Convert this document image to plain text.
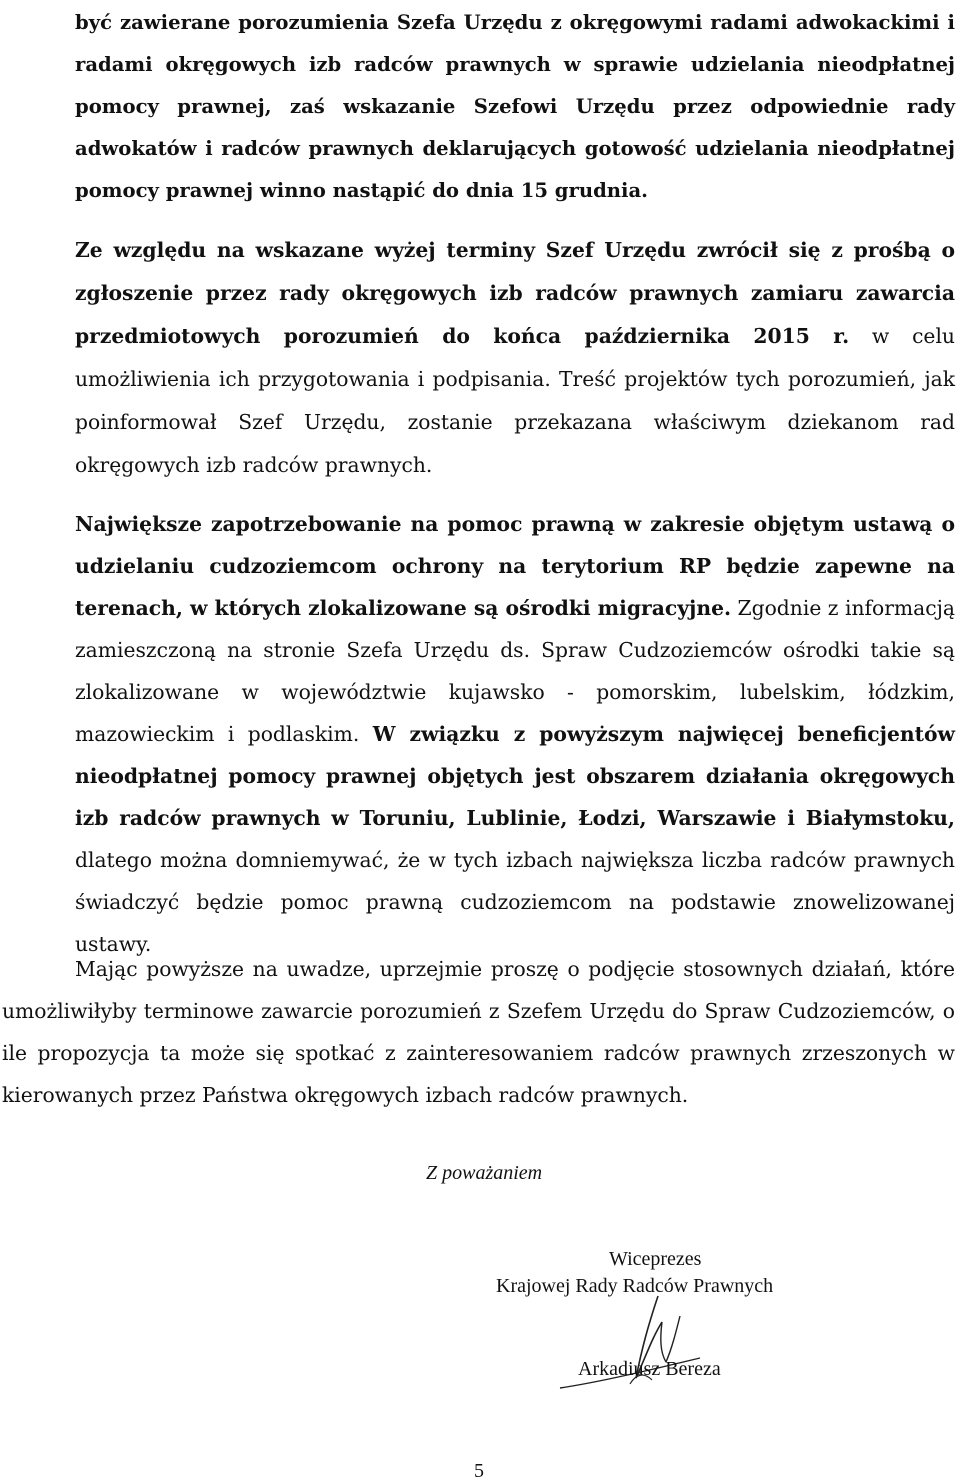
być zawierane porozumienia Szefa Urzędu z okręgowymi radami adwokackimi i radami okręgowych izb radców prawnych w sprawie udzielania nieodpłatnej pomocy prawnej, zaś wskazanie Szefowi Urzędu przez odpowiednie rady adwokatów i radców prawnych deklarujących gotowość udzielania nieodpłatnej pomocy prawnej winno nastąpić do dnia 15 grudnia.

Ze względu na wskazane wyżej terminy Szef Urzędu zwrócił się z prośbą o zgłoszenie przez rady okręgowych izb radców prawnych zamiaru zawarcia przedmiotowych porozumień do końca października 2015 r. w celu umożliwienia ich przygotowania i podpisania. Treść projektów tych porozumień, jak poinformował Szef Urzędu, zostanie przekazana właściwym dziekanom rad okręgowych izb radców prawnych.

Największe zapotrzebowanie na pomoc prawną w zakresie objętym ustawą o udzielaniu cudzoziemcom ochrony na terytorium RP będzie zapewne na terenach, w których zlokalizowane są ośrodki migracyjne. Zgodnie z informacją zamieszczoną na stronie Szefa Urzędu ds. Spraw Cudzoziemców ośrodki takie są zlokalizowane w województwie kujawsko - pomorskim, lubelskim, łódzkim, mazowieckim i podlaskim. W związku z powyższym najwięcej beneficjentów nieodpłatnej pomocy prawnej objętych jest obszarem działania okręgowych izb radców prawnych w Toruniu, Lublinie, Łodzi, Warszawie i Białymstoku, dlatego można domniemywać, że w tych izbach największa liczba radców prawnych świadczyć będzie pomoc prawną cudzoziemcom na podstawie znowelizowanej ustawy.

Mając powyższe na uwadze, uprzejmie proszę o podjęcie stosownych działań, które umożliwiłyby terminowe zawarcie porozumień z Szefem Urzędu do Spraw Cudzoziemców, o ile propozycja ta może się spotkać z zainteresowaniem radców prawnych zrzeszonych w kierowanych przez Państwa okręgowych izbach radców prawnych.

Z poważaniem
Wiceprezes
Krajowej Rady Radców Prawnych
Arkadiusz Bereza
5
